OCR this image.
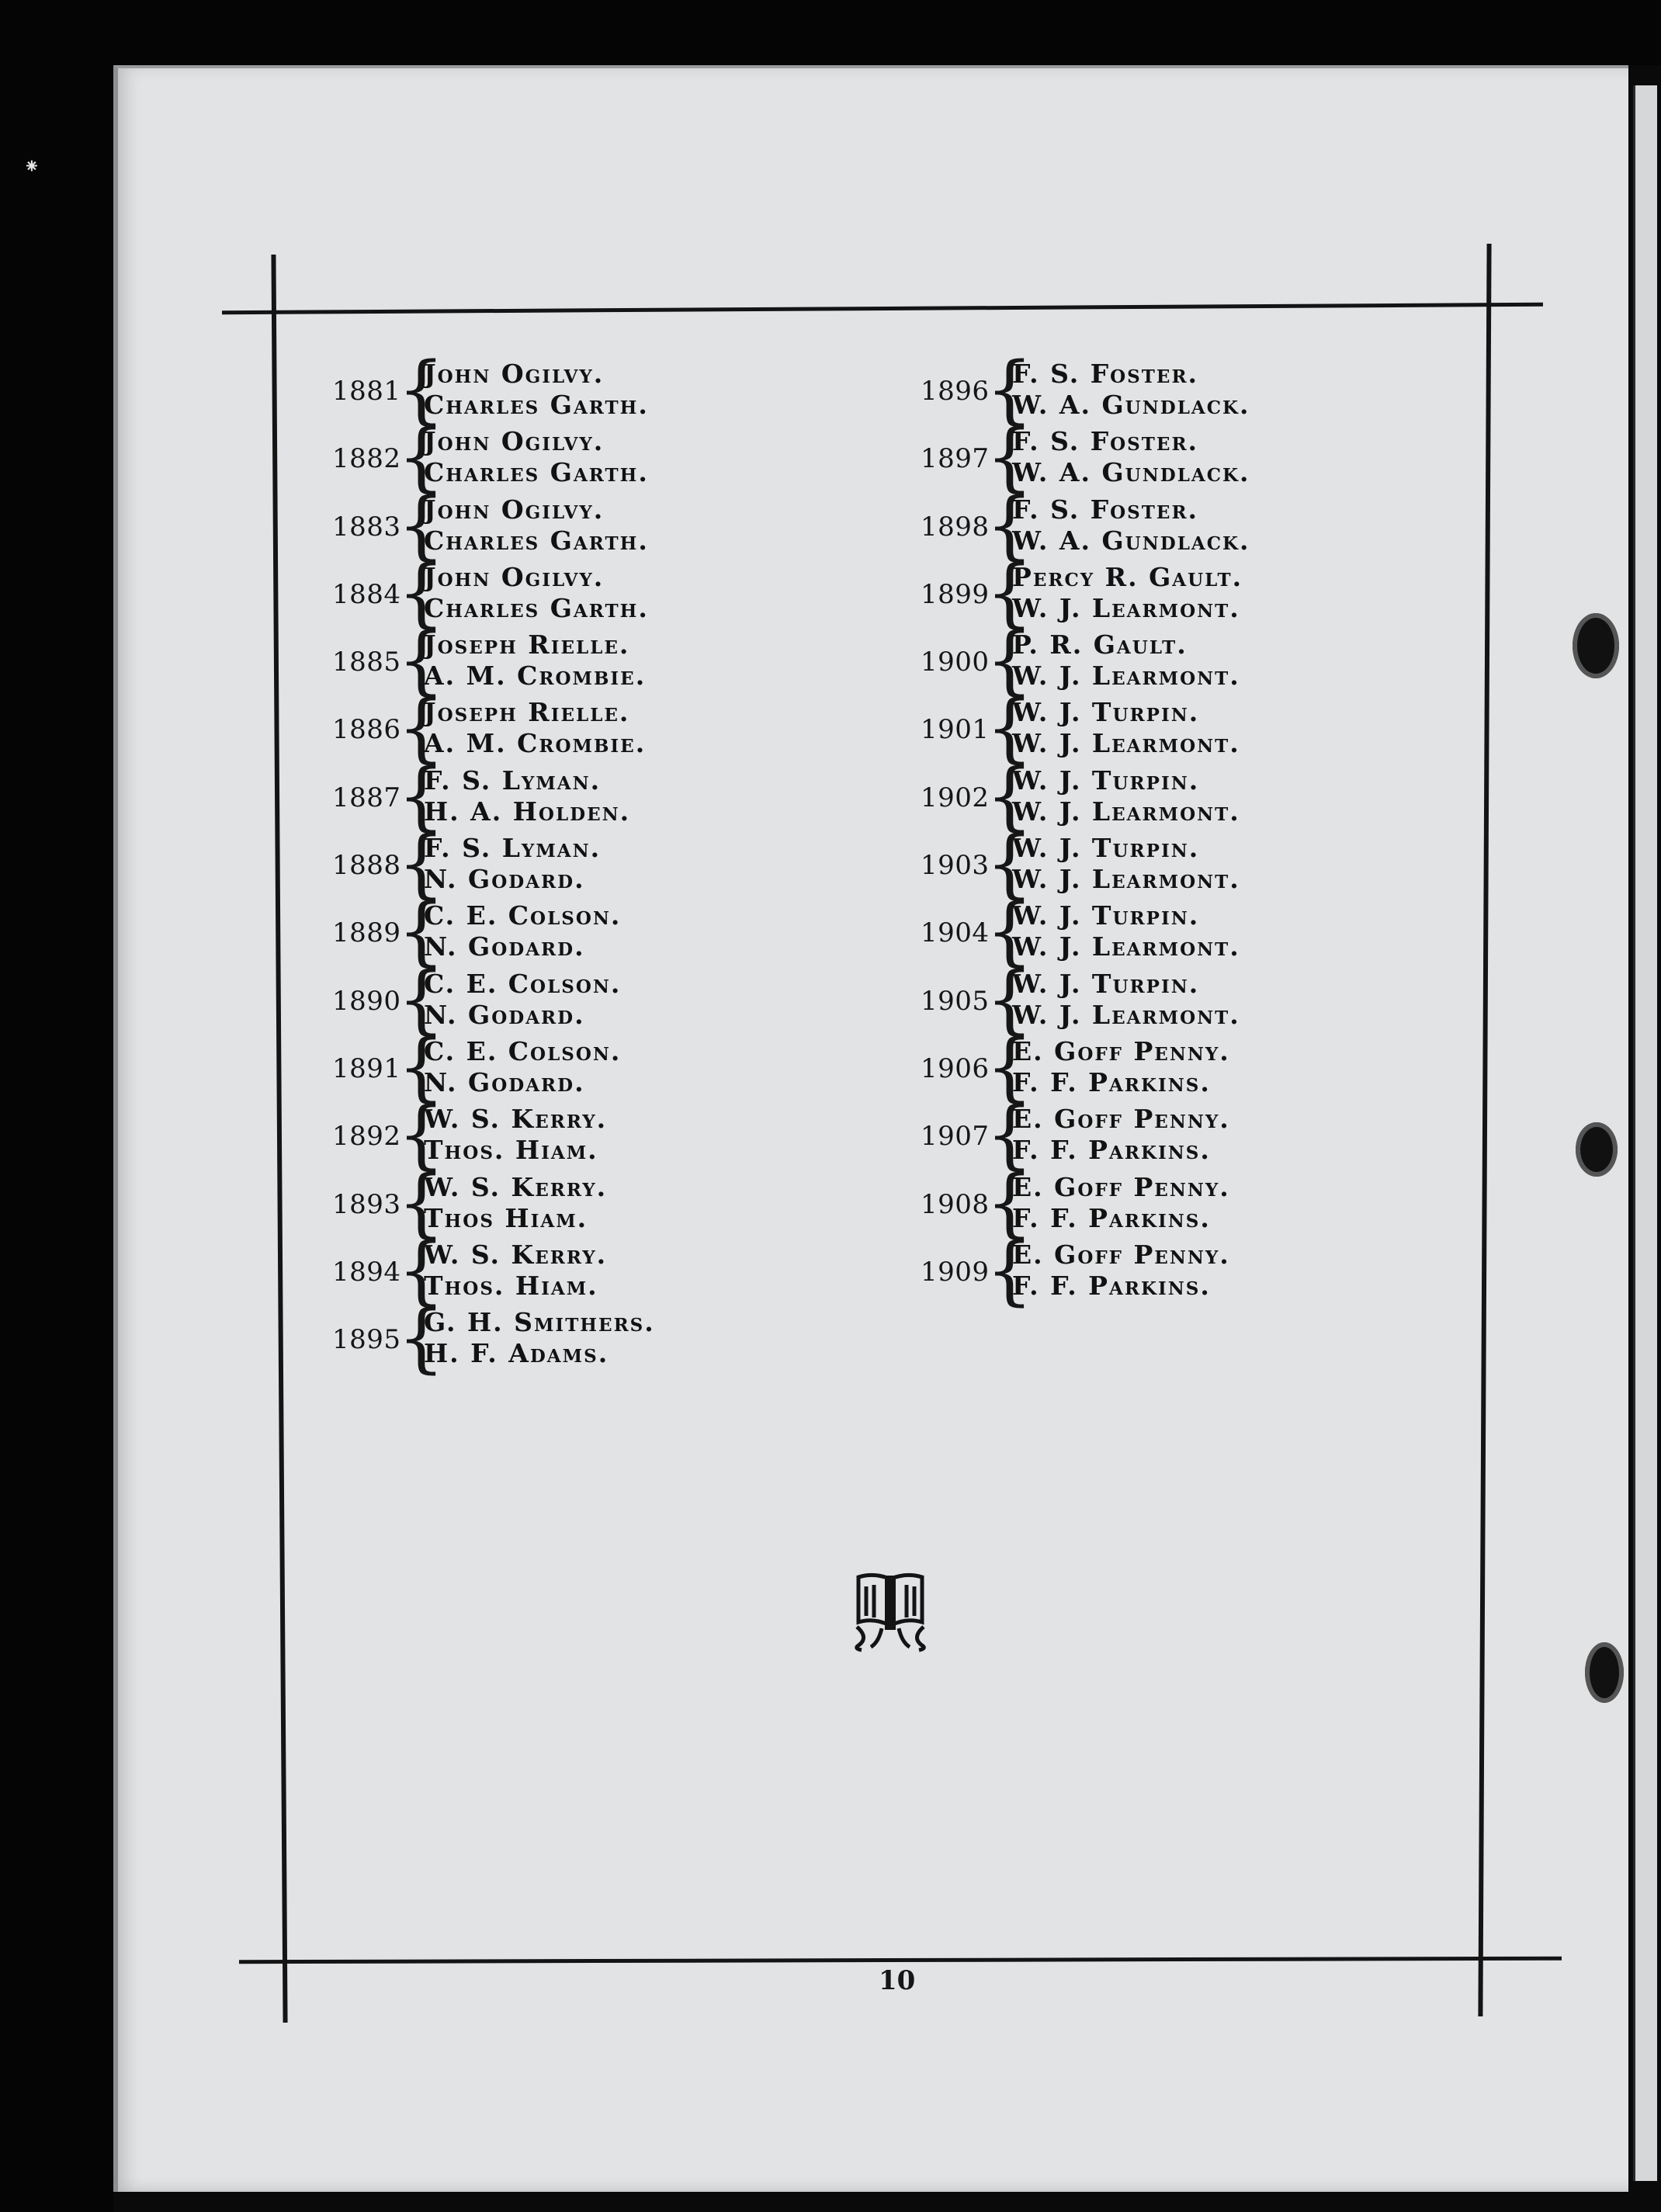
⁕
1881
{
John Ogilvy.
Charles Garth.
1882
{
John Ogilvy.
Charles Garth.
1883
{
John Ogilvy.
Charles Garth.
1884
{
John Ogilvy.
Charles Garth.
1885
{
Joseph Rielle.
A. M. Crombie.
1886
{
Joseph Rielle.
A. M. Crombie.
1887
{
F. S. Lyman.
H. A. Holden.
1888
{
F. S. Lyman.
N. Godard.
1889
{
C. E. Colson.
N. Godard.
1890
{
C. E. Colson.
N. Godard.
1891
{
C. E. Colson.
N. Godard.
1892
{
W. S. Kerry.
Thos. Hiam.
1893
{
W. S. Kerry.
Thos Hiam.
1894
{
W. S. Kerry.
Thos. Hiam.
1895
{
G. H. Smithers.
H. F. Adams.
1896
{
F. S. Foster.
W. A. Gundlack.
1897
{
F. S. Foster.
W. A. Gundlack.
1898
{
F. S. Foster.
W. A. Gundlack.
1899
{
Percy R. Gault.
W. J. Learmont.
1900
{
P. R. Gault.
W. J. Learmont.
1901
{
W. J. Turpin.
W. J. Learmont.
1902
{
W. J. Turpin.
W. J. Learmont.
1903
{
W. J. Turpin.
W. J. Learmont.
1904
{
W. J. Turpin.
W. J. Learmont.
1905
{
W. J. Turpin.
W. J. Learmont.
1906
{
E. Goff Penny.
F. F. Parkins.
1907
{
E. Goff Penny.
F. F. Parkins.
1908
{
E. Goff Penny.
F. F. Parkins.
1909
{
E. Goff Penny.
F. F. Parkins.
10
